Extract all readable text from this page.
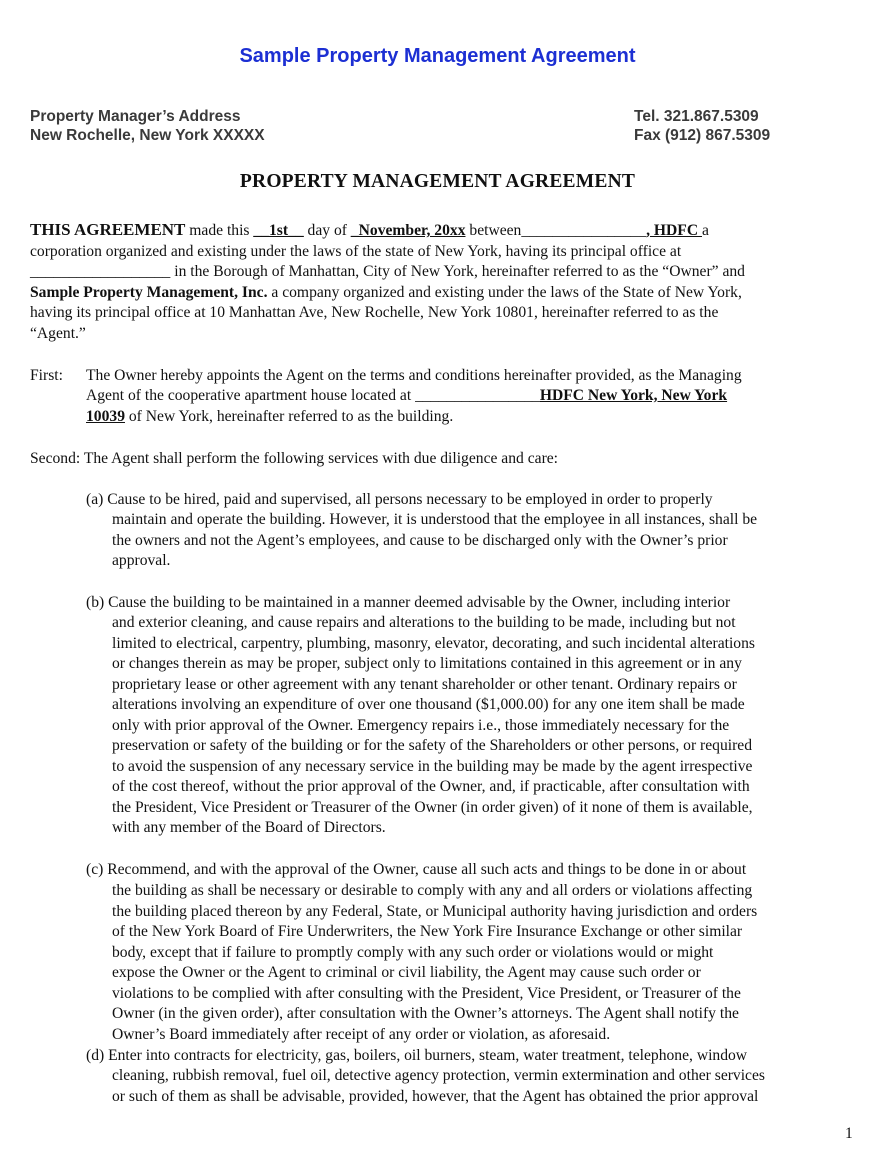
Sample Property Management Agreement
Property Manager’s Address
New Rochelle, New York XXXXX
Tel. 321.867.5309
Fax (912) 867.5309
PROPERTY MANAGEMENT AGREEMENT
THIS AGREEMENT made this __1st__ day of _November, 20xx between________________, HDFC a
corporation organized and existing under the laws of the state of New York, having its principal office at
__________________ in the Borough of Manhattan, City of New York, hereinafter referred to as the “Owner” and
Sample Property Management, Inc. a company organized and existing under the laws of the State of New York,
having its principal office at 10 Manhattan Ave, New Rochelle, New York 10801, hereinafter referred to as the
“Agent.”
First: The Owner hereby appoints the Agent on the terms and conditions hereinafter provided, as the Managing
Agent of the cooperative apartment house located at ________________HDFC New York, New York
10039 of New York, hereinafter referred to as the building.
Second: The Agent shall perform the following services with due diligence and care:
(a) Cause to be hired, paid and supervised, all persons necessary to be employed in order to properly
maintain and operate the building. However, it is understood that the employee in all instances, shall be
the owners and not the Agent’s employees, and cause to be discharged only with the Owner’s prior
approval.
(b) Cause the building to be maintained in a manner deemed advisable by the Owner, including interior
and exterior cleaning, and cause repairs and alterations to the building to be made, including but not
limited to electrical, carpentry, plumbing, masonry, elevator, decorating, and such incidental alterations
or changes therein as may be proper, subject only to limitations contained in this agreement or in any
proprietary lease or other agreement with any tenant shareholder or other tenant. Ordinary repairs or
alterations involving an expenditure of over one thousand ($1,000.00) for any one item shall be made
only with prior approval of the Owner. Emergency repairs i.e., those immediately necessary for the
preservation or safety of the building or for the safety of the Shareholders or other persons, or required
to avoid the suspension of any necessary service in the building may be made by the agent irrespective
of the cost thereof, without the prior approval of the Owner, and, if practicable, after consultation with
the President, Vice President or Treasurer of the Owner (in order given) of it none of them is available,
with any member of the Board of Directors.
(c) Recommend, and with the approval of the Owner, cause all such acts and things to be done in or about
the building as shall be necessary or desirable to comply with any and all orders or violations affecting
the building placed thereon by any Federal, State, or Municipal authority having jurisdiction and orders
of the New York Board of Fire Underwriters, the New York Fire Insurance Exchange or other similar
body, except that if failure to promptly comply with any such order or violations would or might
expose the Owner or the Agent to criminal or civil liability, the Agent may cause such order or
violations to be complied with after consulting with the President, Vice President, or Treasurer of the
Owner (in the given order), after consultation with the Owner’s attorneys. The Agent shall notify the
Owner’s Board immediately after receipt of any order or violation, as aforesaid.
(d) Enter into contracts for electricity, gas, boilers, oil burners, steam, water treatment, telephone, window
cleaning, rubbish removal, fuel oil, detective agency protection, vermin extermination and other services
or such of them as shall be advisable, provided, however, that the Agent has obtained the prior approval
1
